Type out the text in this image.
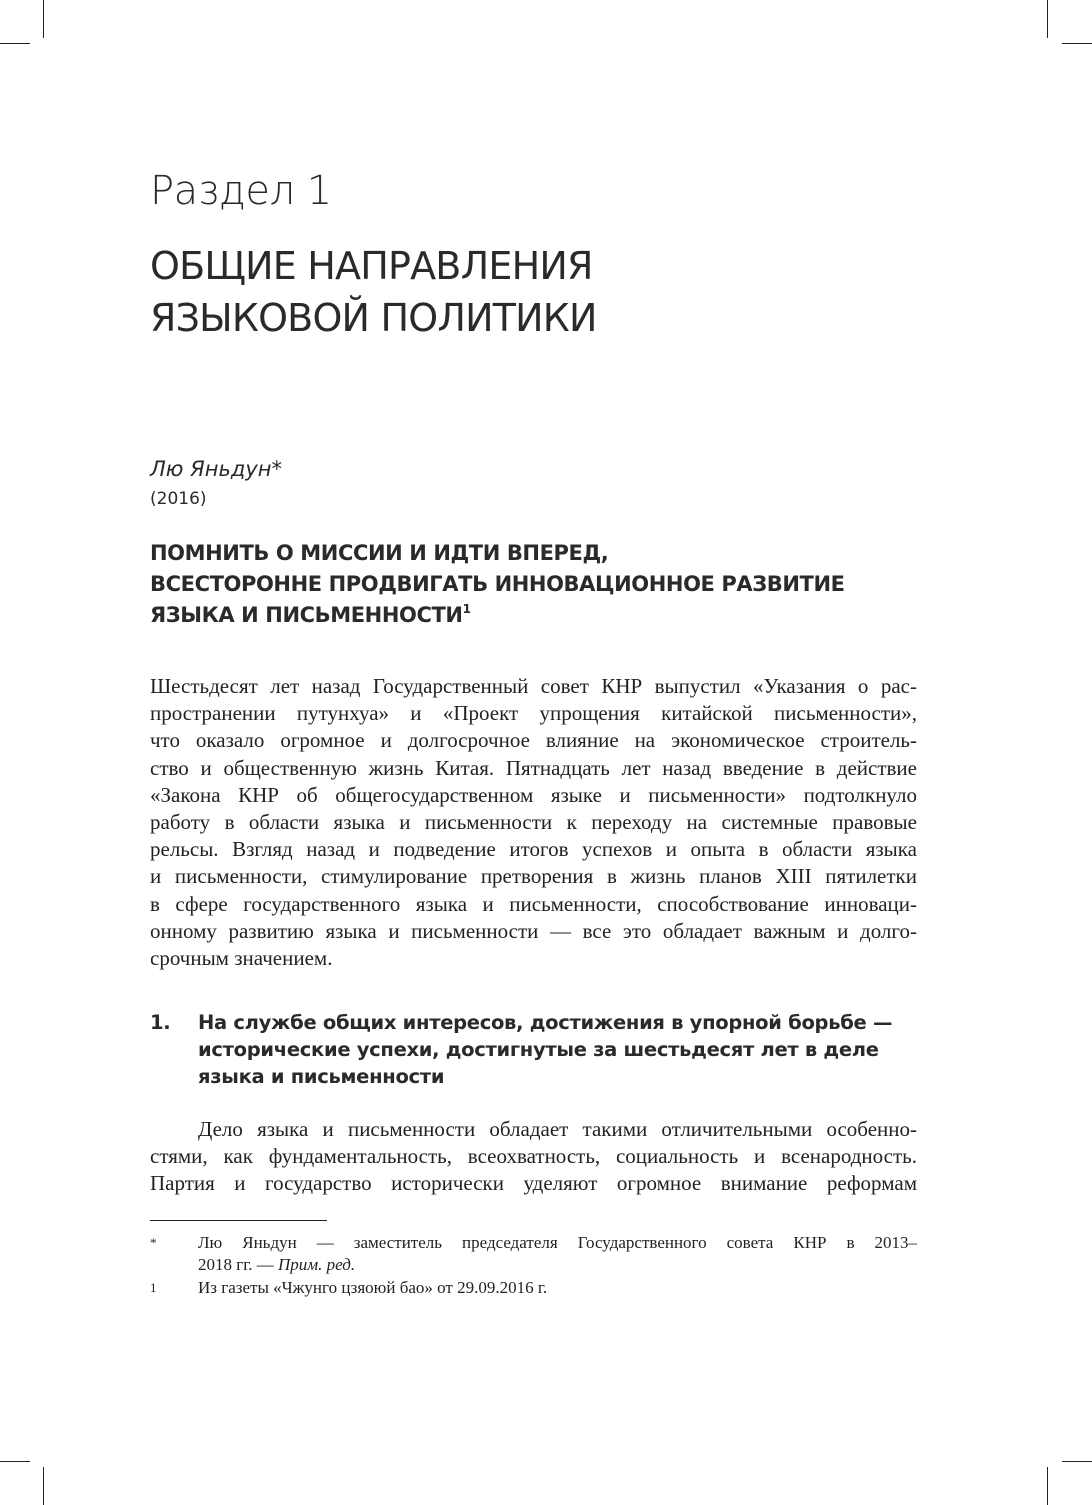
Раздел 1
ОБЩИЕ НАПРАВЛЕНИЯ
ЯЗЫКОВОЙ ПОЛИТИКИ
Лю Яньдун*
(2016)
ПОМНИТЬ О МИССИИ И ИДТИ ВПЕРЕД,
ВСЕСТОРОННЕ ПРОДВИГАТЬ ИННОВАЦИОННОЕ РАЗВИТИЕ
ЯЗЫКА И ПИСЬМЕННОСТИ$^1$
Шестьдесят лет назад Государственный совет КНР выпустил «Указания о рас-
пространении путунхуа» и «Проект упрощения китайской письменности»,
что оказало огромное и долгосрочное влияние на экономическое строитель-
ство и общественную жизнь Китая. Пятнадцать лет назад введение в действие
«Закона КНР об общегосударственном языке и письменности» подтолкнуло
работу в области языка и письменности к переходу на системные правовые
рельсы. Взгляд назад и подведение итогов успехов и опыта в области языка
и письменности, стимулирование претворения в жизнь планов XIII пятилетки
в сфере государственного языка и письменности, способствование инноваци-
онному развитию языка и письменности — все это обладает важным и долго-
срочным значением.
1. На службе общих интересов, достижения в упорной борьбе —
исторические успехи, достигнутые за шестьдесят лет в деле
языка и письменности
Дело языка и письменности обладает такими отличительными особенно-
стями, как фундаментальность, всеохватность, социальность и всенародность.
Партия и государство исторически уделяют огромное внимание реформам
* Лю Яньдун — заместитель председателя Государственного совета КНР в 2013–
2018 гг. — Прим. ред.
1 Из газеты «Чжунго цзяоюй бао» от 29.09.2016 г.
